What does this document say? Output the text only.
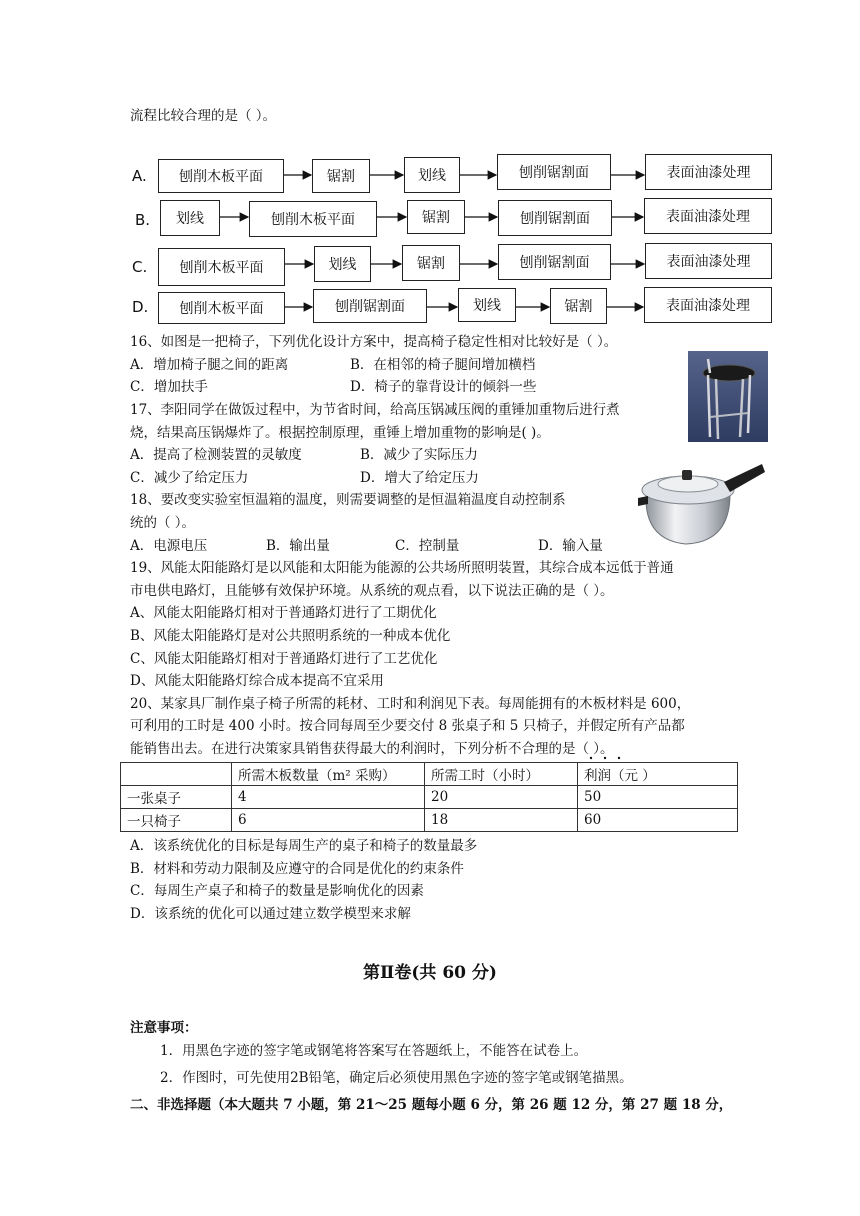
流程比较合理的是（ ）。
A.	刨削木板平面	锯割	划线	刨削锯割面	表面油漆处理
B.	划线	刨削木板平面	锯割	刨削锯割面	表面油漆处理
C.	刨削木板平面	划线	锯割	刨削锯割面	表面油漆处理
D.	刨削木板平面	刨削锯割面	划线	锯割	表面油漆处理
16、如图是一把椅子，下列优化设计方案中，提高椅子稳定性相对比较好是（ ）。
A．增加椅子腿之间的距离	B．在相邻的椅子腿间增加横档
C．增加扶手	D．椅子的靠背设计的倾斜一些
17、李阳同学在做饭过程中，为节省时间，给高压锅减压阀的重锤加重物后进行煮
烧，结果高压锅爆炸了。根据控制原理，重锤上增加重物的影响是( )。
A．提高了检测装置的灵敏度	B．减少了实际压力
C．减少了给定压力	D．增大了给定压力
18、要改变实验室恒温箱的温度，则需要调整的是恒温箱温度自动控制系
统的（ ）。
A．电源电压	B．输出量	C．控制量	D．输入量
19、风能太阳能路灯是以风能和太阳能为能源的公共场所照明装置，其综合成本远低于普通
市电供电路灯，且能够有效保护环境。从系统的观点看，以下说法正确的是（ ）。
A、风能太阳能路灯相对于普通路灯进行了工期优化
B、风能太阳能路灯是对公共照明系统的一种成本优化
C、风能太阳能路灯相对于普通路灯进行了工艺优化
D、风能太阳能路灯综合成本提高不宜采用
20、某家具厂制作桌子椅子所需的耗材、工时和利润见下表。每周能拥有的木板材料是 600，
可利用的工时是 400 小时。按合同每周至少要交付 8 张桌子和 5 只椅子，并假定所有产品都
能销售出去。在进行决策家具销售获得最大的利润时，下列分析不合理的是（ ）。
	所需木板数量（m² 采购）	所需工时（小时）	利润（元 ）
一张桌子	4	20	50
一只椅子	6	18	60
A．该系统优化的目标是每周生产的桌子和椅子的数量最多
B．材料和劳动力限制及应遵守的合同是优化的约束条件
C．每周生产桌子和椅子的数量是影响优化的因素
D．该系统的优化可以通过建立数学模型来求解
第Ⅱ卷(共 60 分)
注意事项：
1．用黑色字迹的签字笔或钢笔将答案写在答题纸上，不能答在试卷上。
2．作图时，可先使用2B铅笔，确定后必须使用黑色字迹的签字笔或钢笔描黑。
二、非选择题（本大题共 7 小题，第 21～25 题每小题 6 分，第 26 题 12 分，第 27 题 18 分，
